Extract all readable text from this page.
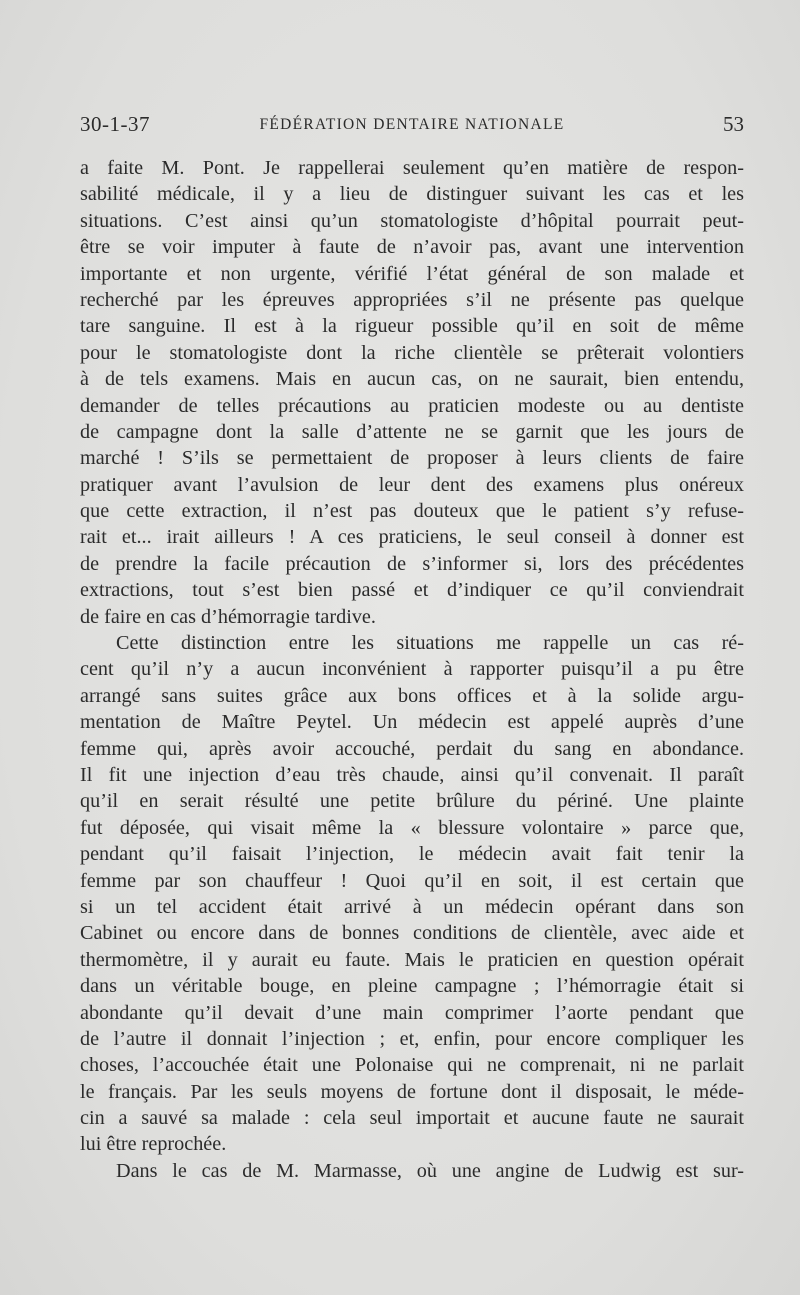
30-1-37	FÉDÉRATION DENTAIRE NATIONALE	53
a faite M. Pont. Je rappellerai seulement qu’en matière de respon-
sabilité médicale, il y a lieu de distinguer suivant les cas et les
situations. C’est ainsi qu’un stomatologiste d’hôpital pourrait peut-
être se voir imputer à faute de n’avoir pas, avant une intervention
importante et non urgente, vérifié l’état général de son malade et
recherché par les épreuves appropriées s’il ne présente pas quelque
tare sanguine. Il est à la rigueur possible qu’il en soit de même
pour le stomatologiste dont la riche clientèle se prêterait volontiers
à de tels examens. Mais en aucun cas, on ne saurait, bien entendu,
demander de telles précautions au praticien modeste ou au dentiste
de campagne dont la salle d’attente ne se garnit que les jours de
marché ! S’ils se permettaient de proposer à leurs clients de faire
pratiquer avant l’avulsion de leur dent des examens plus onéreux
que cette extraction, il n’est pas douteux que le patient s’y refuse-
rait et... irait ailleurs ! A ces praticiens, le seul conseil à donner est
de prendre la facile précaution de s’informer si, lors des précédentes
extractions, tout s’est bien passé et d’indiquer ce qu’il conviendrait
de faire en cas d’hémorragie tardive.
Cette distinction entre les situations me rappelle un cas ré-
cent qu’il n’y a aucun inconvénient à rapporter puisqu’il a pu être
arrangé sans suites grâce aux bons offices et à la solide argu-
mentation de Maître Peytel. Un médecin est appelé auprès d’une
femme qui, après avoir accouché, perdait du sang en abondance.
Il fit une injection d’eau très chaude, ainsi qu’il convenait. Il paraît
qu’il en serait résulté une petite brûlure du périné. Une plainte
fut déposée, qui visait même la « blessure volontaire » parce que,
pendant qu’il faisait l’injection, le médecin avait fait tenir la
femme par son chauffeur ! Quoi qu’il en soit, il est certain que
si un tel accident était arrivé à un médecin opérant dans son
Cabinet ou encore dans de bonnes conditions de clientèle, avec aide et
thermomètre, il y aurait eu faute. Mais le praticien en question opérait
dans un véritable bouge, en pleine campagne ; l’hémorragie était si
abondante qu’il devait d’une main comprimer l’aorte pendant que
de l’autre il donnait l’injection ; et, enfin, pour encore compliquer les
choses, l’accouchée était une Polonaise qui ne comprenait, ni ne parlait
le français. Par les seuls moyens de fortune dont il disposait, le méde-
cin a sauvé sa malade : cela seul importait et aucune faute ne saurait
lui être reprochée.
Dans le cas de M. Marmasse, où une angine de Ludwig est sur-
